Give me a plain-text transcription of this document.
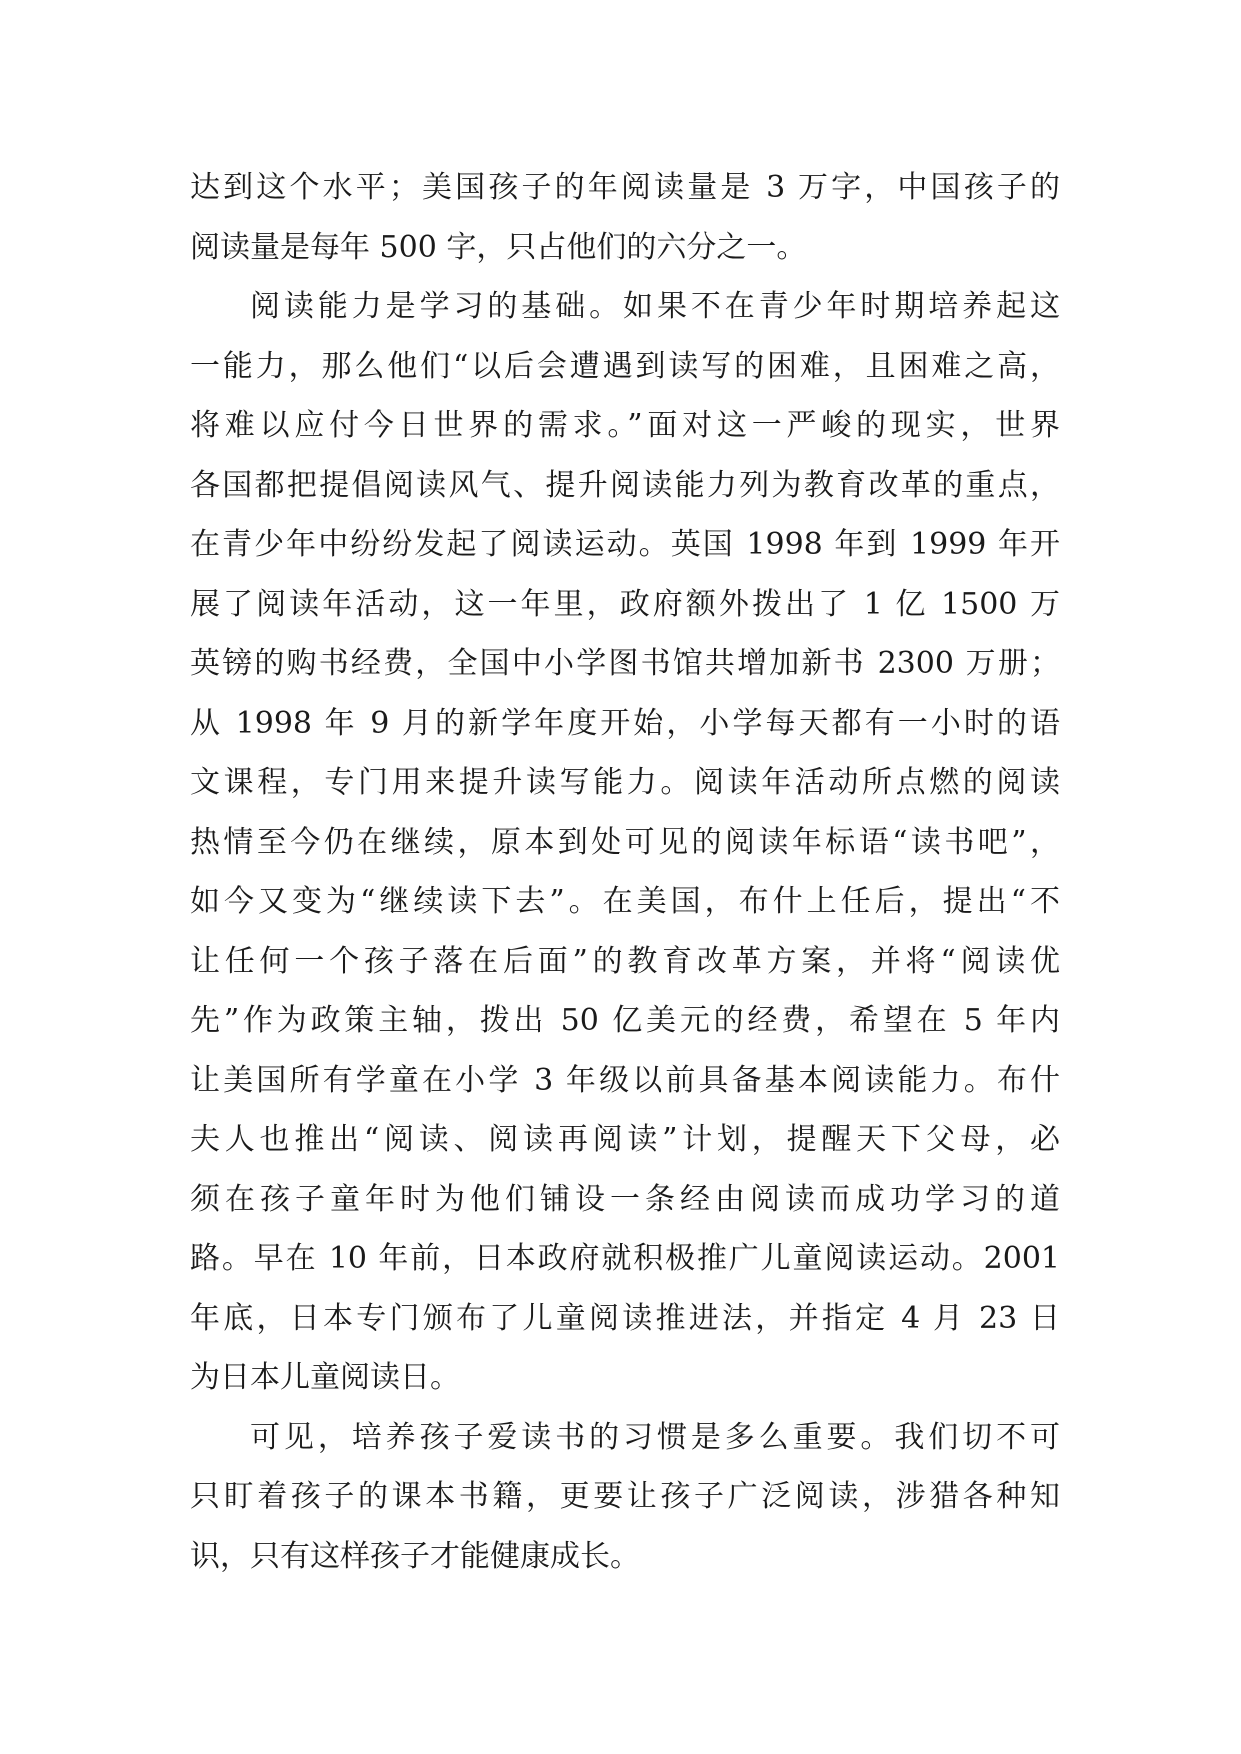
达到这个水平；美国孩子的年阅读量是 3 万字，中国孩子的
阅读量是每年 500 字，只占他们的六分之一。
阅读能力是学习的基础。如果不在青少年时期培养起这
一能力，那么他们“以后会遭遇到读写的困难，且困难之高，
将难以应付今日世界的需求。”面对这一严峻的现实，世界
各国都把提倡阅读风气、提升阅读能力列为教育改革的重点，
在青少年中纷纷发起了阅读运动。英国 1998 年到 1999 年开
展了阅读年活动，这一年里，政府额外拨出了 1 亿 1500 万
英镑的购书经费，全国中小学图书馆共增加新书 2300 万册；
从 1998 年 9 月的新学年度开始，小学每天都有一小时的语
文课程，专门用来提升读写能力。阅读年活动所点燃的阅读
热情至今仍在继续，原本到处可见的阅读年标语“读书吧”，
如今又变为“继续读下去”。在美国，布什上任后，提出“不
让任何一个孩子落在后面”的教育改革方案，并将“阅读优
先”作为政策主轴，拨出 50 亿美元的经费，希望在 5 年内
让美国所有学童在小学 3 年级以前具备基本阅读能力。布什
夫人也推出“阅读、阅读再阅读”计划，提醒天下父母，必
须在孩子童年时为他们铺设一条经由阅读而成功学习的道
路。早在 10 年前，日本政府就积极推广儿童阅读运动。2001
年底，日本专门颁布了儿童阅读推进法，并指定 4 月 23 日
为日本儿童阅读日。
可见，培养孩子爱读书的习惯是多么重要。我们切不可
只盯着孩子的课本书籍，更要让孩子广泛阅读，涉猎各种知
识，只有这样孩子才能健康成长。
